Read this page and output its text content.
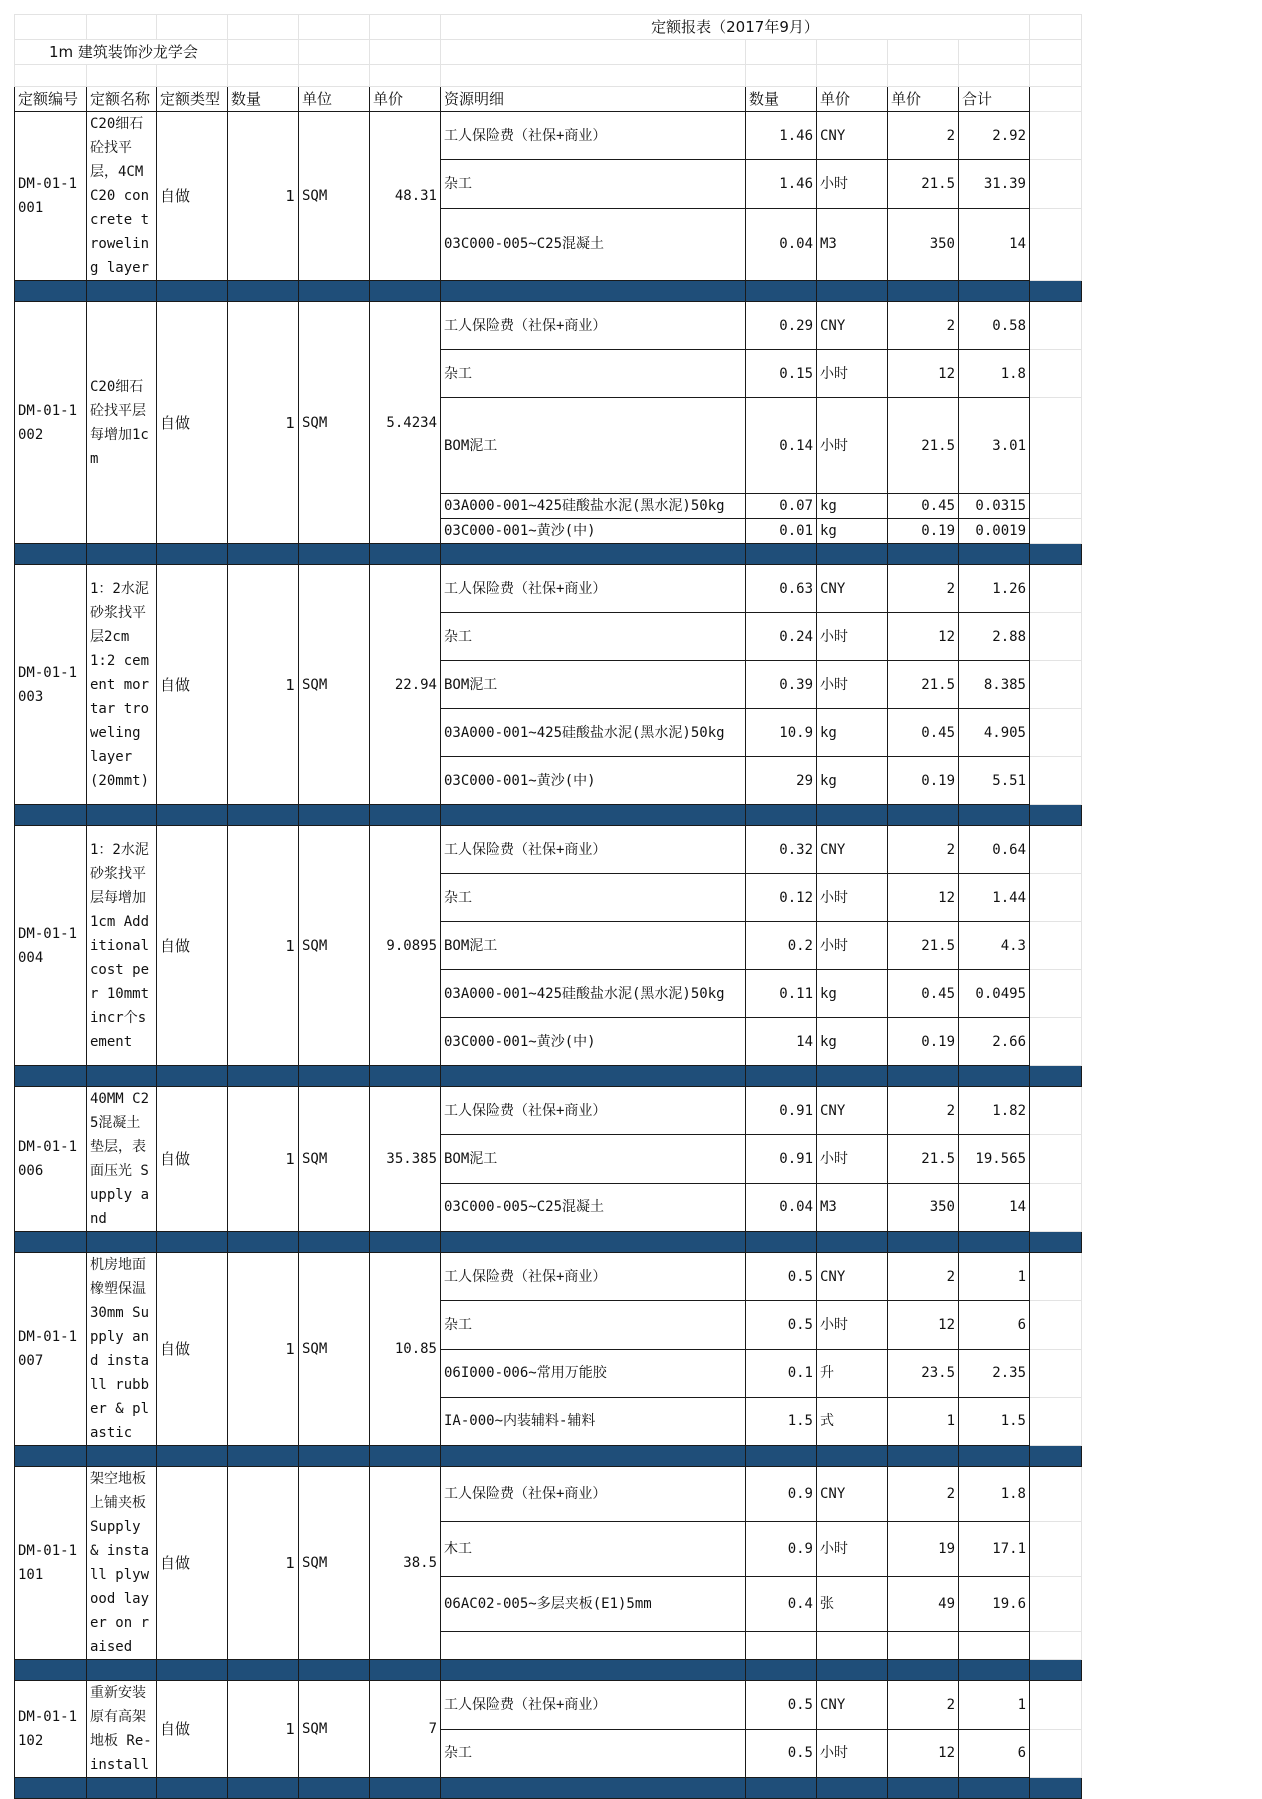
						定额报表（2017年9月）					
1m 建筑装饰沙龙学会											

定额编号	定额名称	定额类型	数量	单位	单价	资源明细	数量	单价	单价	合计	
DM-01-1001	C20细石砼找平层，4CM C20 concrete troweling layer	自做	1	SQM	48.31	工人保险费（社保+商业）	1.46	CNY	2	2.92	
						杂工	1.46	小时	21.5	31.39	
						03C000-005~C25混凝土	0.04	M3	350	14	

DM-01-1002	C20细石砼找平层每增加1cm	自做	1	SQM	5.4234	工人保险费（社保+商业）	0.29	CNY	2	0.58	
						杂工	0.15	小时	12	1.8	
						BOM泥工	0.14	小时	21.5	3.01	
						03A000-001~425硅酸盐水泥(黑水泥)50kg	0.07	kg	0.45	0.0315	
						03C000-001~黄沙(中)	0.01	kg	0.19	0.0019	

DM-01-1003	1：2水泥砂浆找平层2cm 1:2 cement mortar troweling layer (20mmt)	自做	1	SQM	22.94	工人保险费（社保+商业）	0.63	CNY	2	1.26	
						杂工	0.24	小时	12	2.88	
						BOM泥工	0.39	小时	21.5	8.385	
						03A000-001~425硅酸盐水泥(黑水泥)50kg	10.9	kg	0.45	4.905	
						03C000-001~黄沙(中)	29	kg	0.19	5.51	

DM-01-1004	1：2水泥砂浆找平层每增加1cm Additional cost per 10mmt incr个sement	自做	1	SQM	9.0895	工人保险费（社保+商业）	0.32	CNY	2	0.64	
						杂工	0.12	小时	12	1.44	
						BOM泥工	0.2	小时	21.5	4.3	
						03A000-001~425硅酸盐水泥(黑水泥)50kg	0.11	kg	0.45	0.0495	
						03C000-001~黄沙(中)	14	kg	0.19	2.66	

DM-01-1006	40MM C25混凝土垫层，表面压光 Supply and	自做	1	SQM	35.385	工人保险费（社保+商业）	0.91	CNY	2	1.82	
						BOM泥工	0.91	小时	21.5	19.565	
						03C000-005~C25混凝土	0.04	M3	350	14	

DM-01-1007	机房地面橡塑保温30mm Supply and install rubber & plastic	自做	1	SQM	10.85	工人保险费（社保+商业）	0.5	CNY	2	1	
						杂工	0.5	小时	12	6	
						06I000-006~常用万能胶	0.1	升	23.5	2.35	
						IA-000~内装辅料-辅料	1.5	式	1	1.5	

DM-01-1101	架空地板上铺夹板 Supply & install plywood layer on raised	自做	1	SQM	38.5	工人保险费（社保+商业）	0.9	CNY	2	1.8	
						木工	0.9	小时	19	17.1	
						06AC02-005~多层夹板(E1)5mm	0.4	张	49	19.6	

DM-01-1102	重新安装原有高架地板 Re-install	自做	1	SQM	7	工人保险费（社保+商业）	0.5	CNY	2	1	
						杂工	0.5	小时	12	6	
